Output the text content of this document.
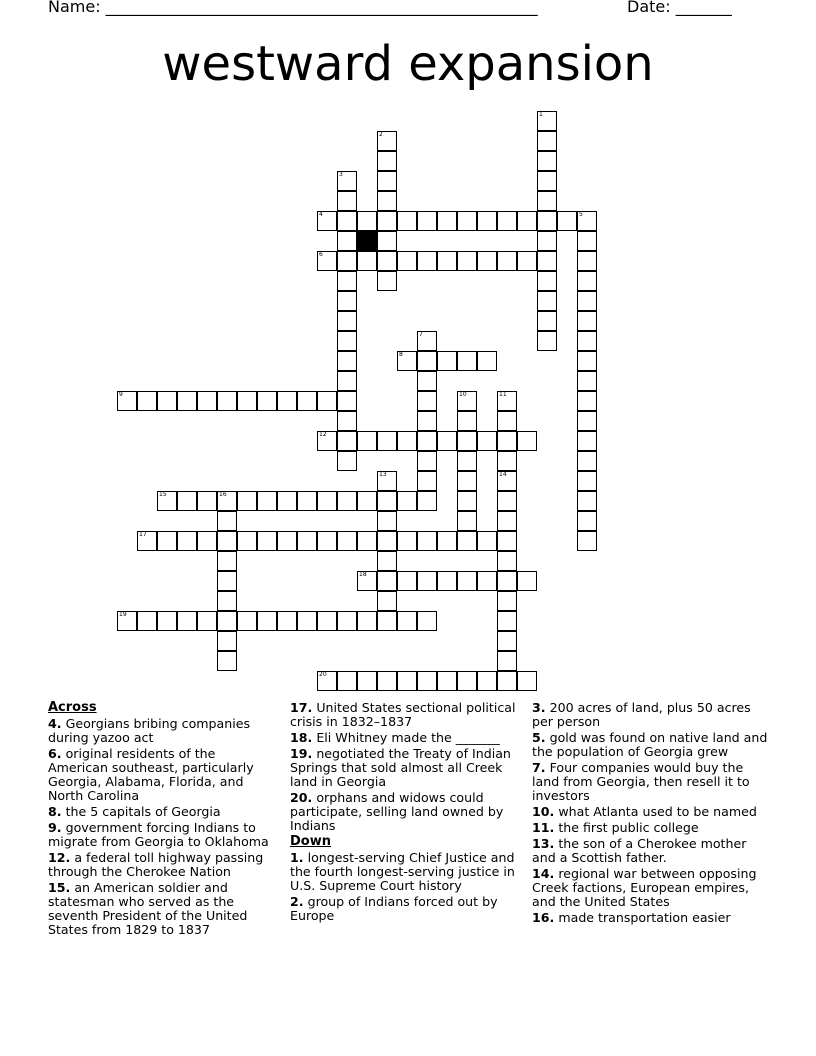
Name: ______________________________________________________	Date: _______
westward expansion
1
2
3
4	5
6
7
8
9	10	11
12
13	14
15	16
17
18
19
20
Across
4. Georgians bribing companies during yazoo act
6. original residents of the American southeast, particularly Georgia, Alabama, Florida, and North Carolina
8. the 5 capitals of Georgia
9. government forcing Indians to migrate from Georgia to Oklahoma
12. a federal toll highway passing through the Cherokee Nation
15. an American soldier and statesman who served as the seventh President of the United States from 1829 to 1837
17. United States sectional political crisis in 1832–1837
18. Eli Whitney made the _______
19. negotiated the Treaty of Indian Springs that sold almost all Creek land in Georgia
20. orphans and widows could participate, selling land owned by Indians
Down
1. longest-serving Chief Justice and the fourth longest-serving justice in U.S. Supreme Court history
2. group of Indians forced out by Europe
3. 200 acres of land, plus 50 acres per person
5. gold was found on native land and the population of Georgia grew
7. Four companies would buy the land from Georgia, then resell it to investors
10. what Atlanta used to be named
11. the first public college
13. the son of a Cherokee mother and a Scottish father.
14. regional war between opposing Creek factions, European empires, and the United States
16. made transportation easier
